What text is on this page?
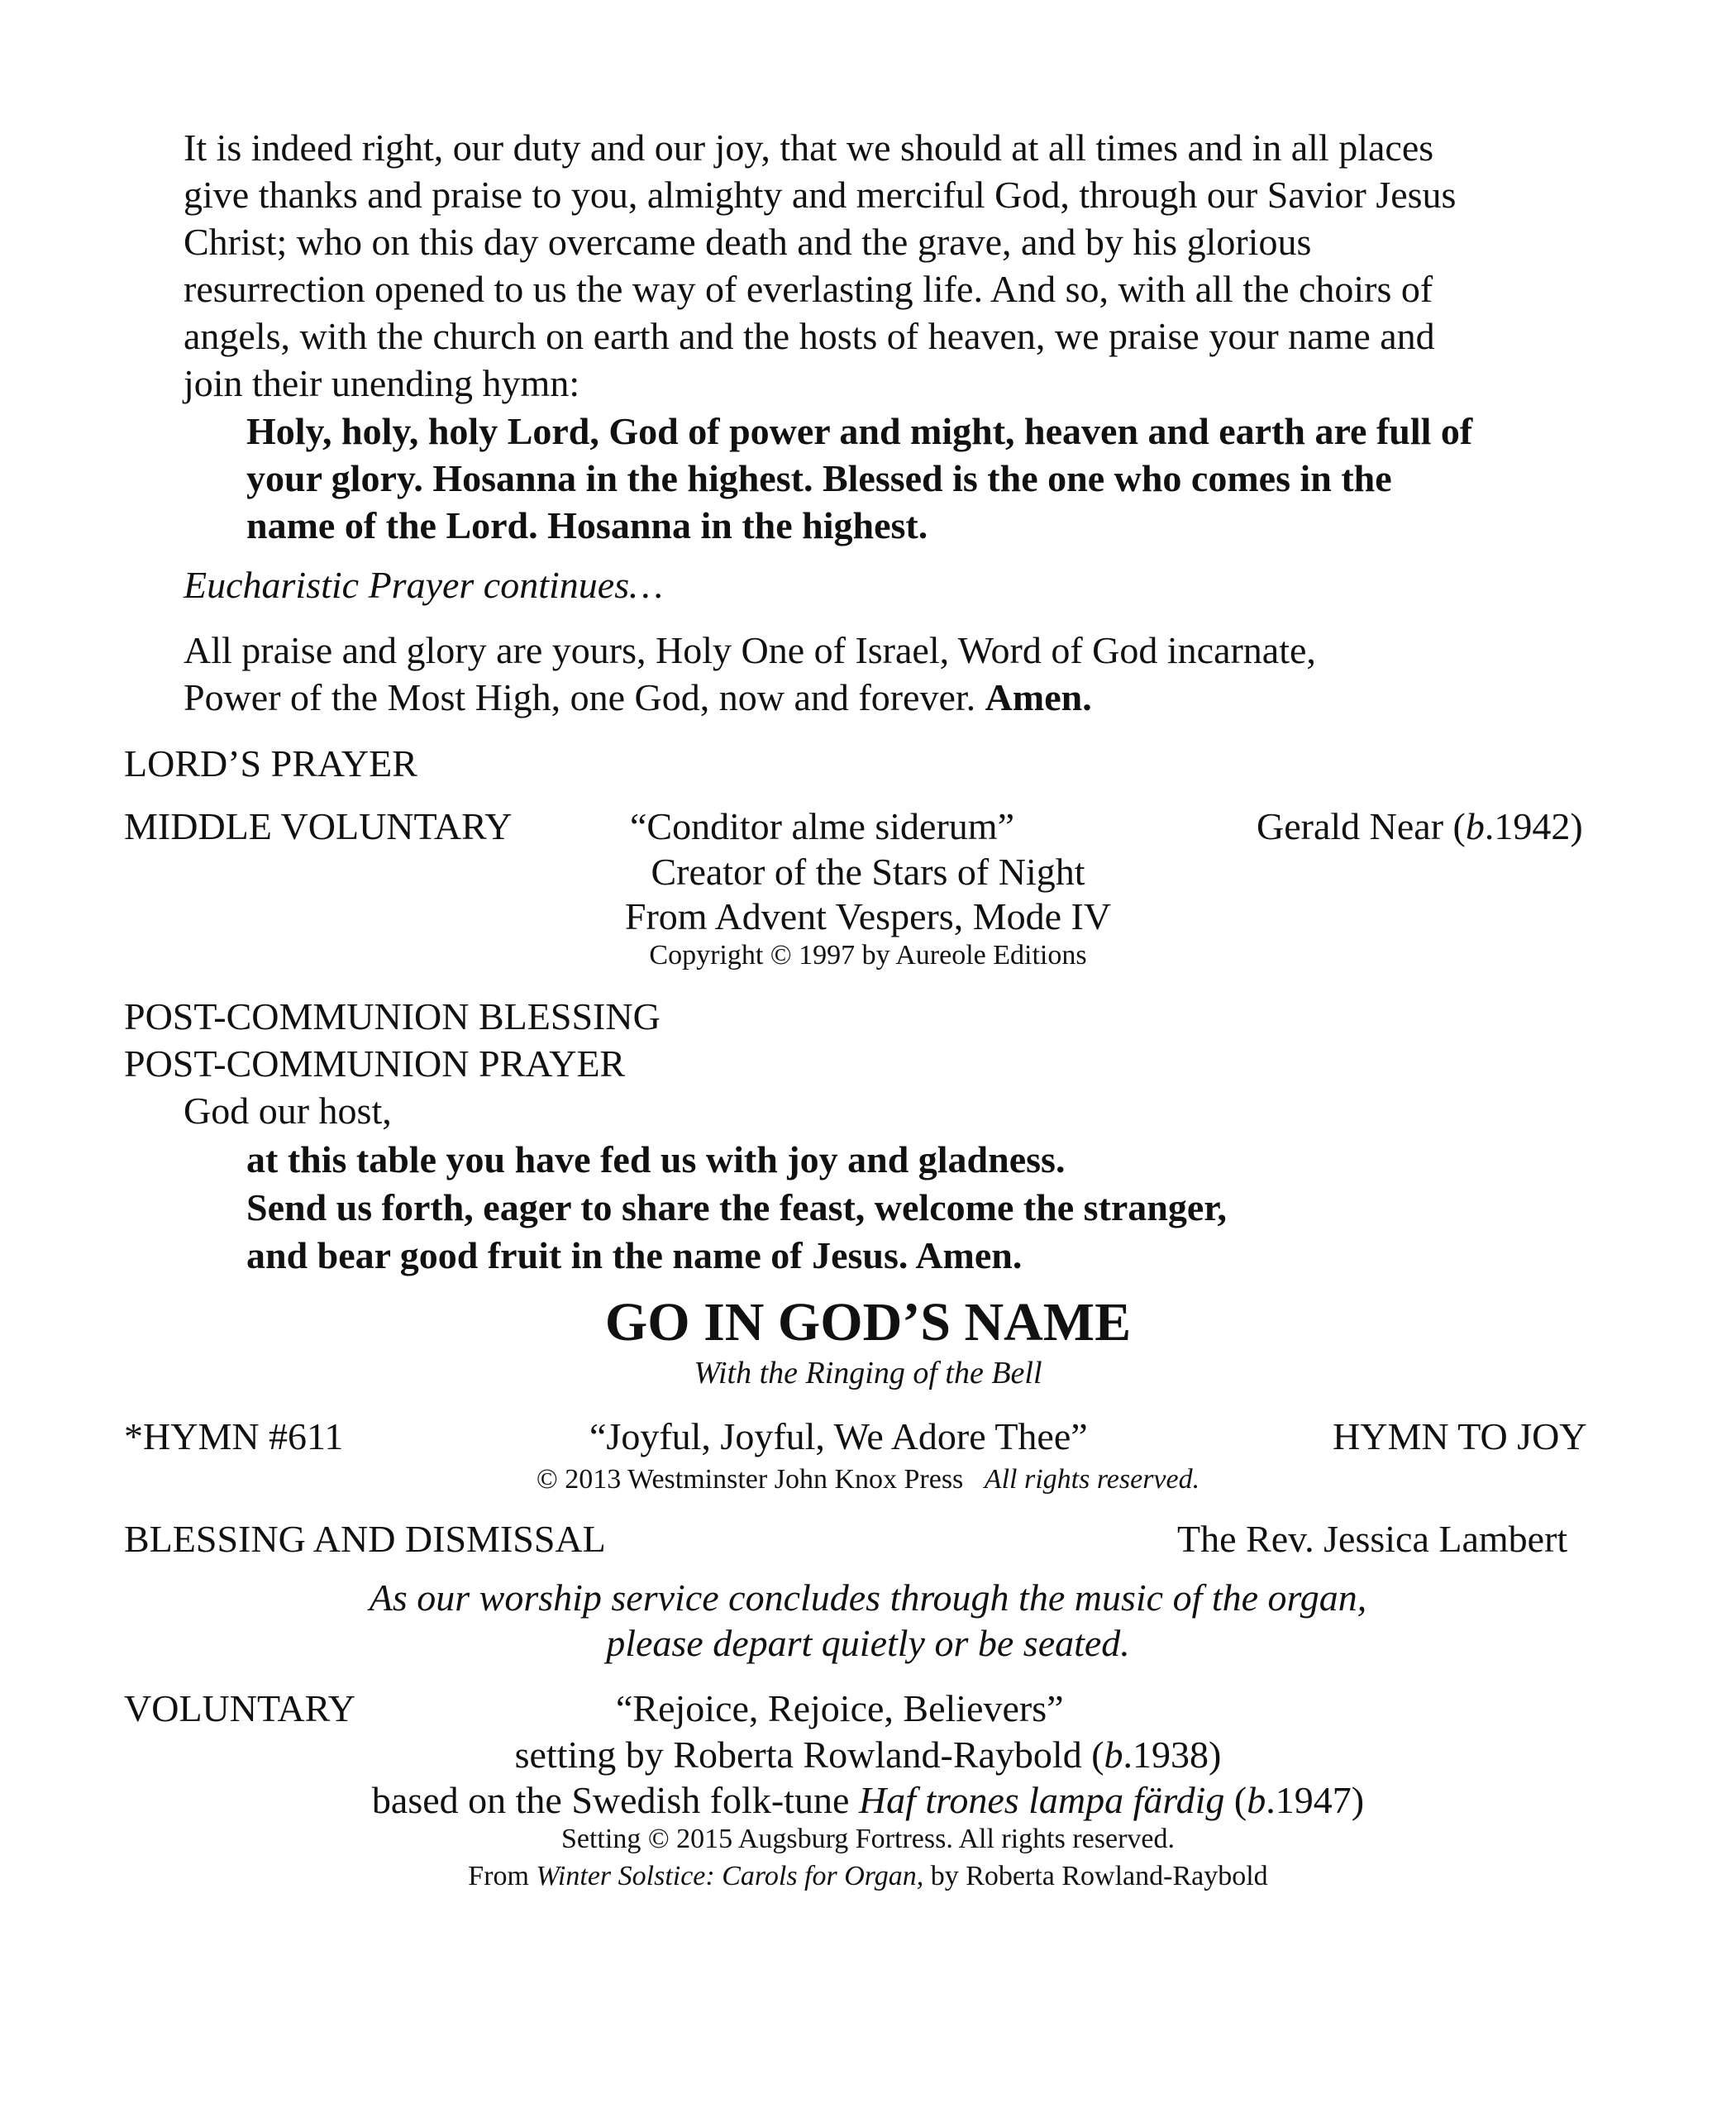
It is indeed right, our duty and our joy, that we should at all times and in all places
give thanks and praise to you, almighty and merciful God, through our Savior Jesus
Christ; who on this day overcame death and the grave, and by his glorious
resurrection opened to us the way of everlasting life. And so, with all the choirs of
angels, with the church on earth and the hosts of heaven, we praise your name and
join their unending hymn:
Holy, holy, holy Lord, God of power and might, heaven and earth are full of
your glory. Hosanna in the highest. Blessed is the one who comes in the
name of the Lord. Hosanna in the highest.
Eucharistic Prayer continues…
All praise and glory are yours, Holy One of Israel, Word of God incarnate,
Power of the Most High, one God, now and forever. Amen.
LORD’S PRAYER
MIDDLE VOLUNTARY	“Conditor alme siderum”	Gerald Near (b.1942)
Creator of the Stars of Night
From Advent Vespers, Mode IV
Copyright © 1997 by Aureole Editions
POST-COMMUNION BLESSING
POST-COMMUNION PRAYER
God our host,
at this table you have fed us with joy and gladness.
Send us forth, eager to share the feast, welcome the stranger,
and bear good fruit in the name of Jesus. Amen.
GO IN GOD’S NAME
With the Ringing of the Bell
*HYMN #611	“Joyful, Joyful, We Adore Thee”	HYMN TO JOY
© 2013 Westminster John Knox Press All rights reserved.
BLESSING AND DISMISSAL	The Rev. Jessica Lambert
As our worship service concludes through the music of the organ,
please depart quietly or be seated.
VOLUNTARY	“Rejoice, Rejoice, Believers”
setting by Roberta Rowland-Raybold (b.1938)
based on the Swedish folk-tune Haf trones lampa färdig (b.1947)
Setting © 2015 Augsburg Fortress. All rights reserved.
From Winter Solstice: Carols for Organ, by Roberta Rowland-Raybold
